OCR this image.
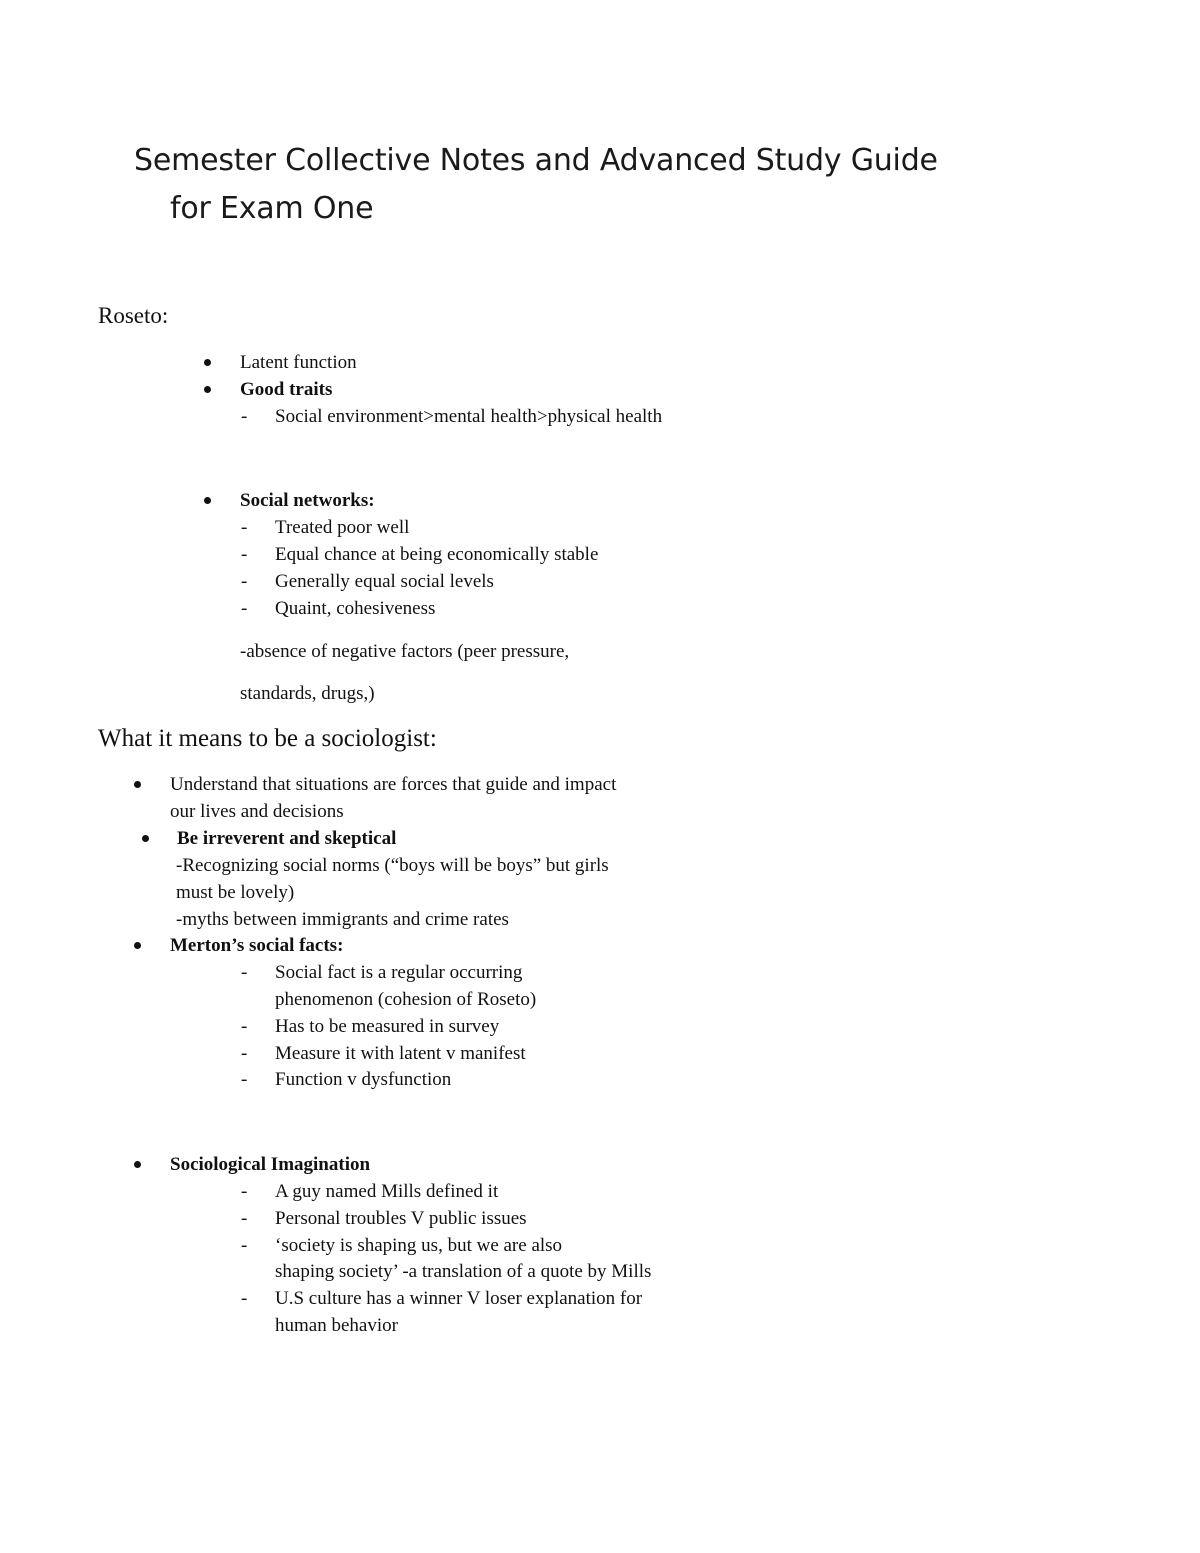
Semester Collective Notes and Advanced Study Guide
for Exam One
Roseto:
Latent function
Good traits
- Social environment>mental health>physical health
Social networks:
- Treated poor well
- Equal chance at being economically stable
- Generally equal social levels
- Quaint, cohesiveness
-absence of negative factors (peer pressure,
standards, drugs,)
What it means to be a sociologist:
Understand that situations are forces that guide and impact
our lives and decisions
Be irreverent and skeptical
-Recognizing social norms (“boys will be boys” but girls
must be lovely)
-myths between immigrants and crime rates
Merton’s social facts:
- Social fact is a regular occurring
phenomenon (cohesion of Roseto)
- Has to be measured in survey
- Measure it with latent v manifest
- Function v dysfunction
Sociological Imagination
- A guy named Mills defined it
- Personal troubles V public issues
- ‘society is shaping us, but we are also
shaping society’ -a translation of a quote by Mills
- U.S culture has a winner V loser explanation for
human behavior
